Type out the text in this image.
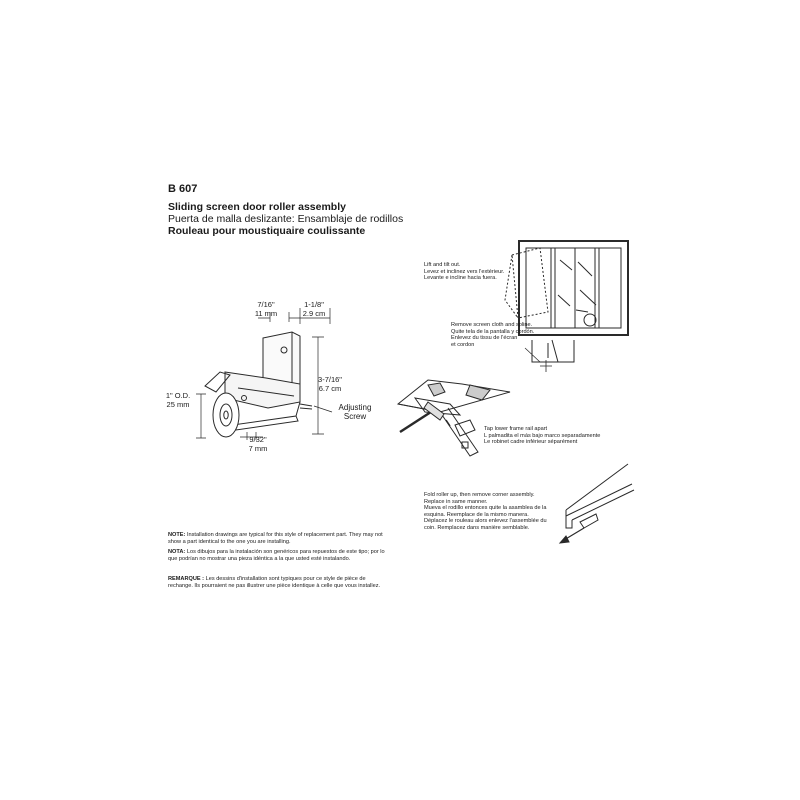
B 607
Sliding screen door roller assembly
Puerta de malla deslizante: Ensamblaje de rodillos
Rouleau pour moustiquaire coulissante
7/16"
11 mm
1-1/8"
2.9 cm
3-7/16"
6.7 cm
1" O.D.
25 mm
9/32"
7 mm
Adjusting
Screw
NOTE: Installation drawings are typical for this style of replacement part. They may not show a part identical to the one you are installing.
NOTA: Los dibujos para la instalación son genéricos para repuestos de este tipo; por lo que podrían no mostrar una pieza idéntica a la que usted esté instalando.
REMARQUE : Les dessins d'installation sont typiques pour ce style de pièce de rechange. Ils pourraient ne pas illustrer une pièce identique à celle que vous installez.
Lift and tilt out.
Levez et inclinez vers l'extérieur.
Levante e incline hacia fuera.
Remove screen cloth and spline.
Quite tela de la pantalla y cordón.
Enlevez du tissu de l'écran
et cordon
Tap lower frame rail apart
L palmadita el más bajo marco separadamente
Le robinet cadre inférieur séparément
Fold roller up, then remove corner assembly.
Replace in same manner.
Mueva el rodillo entonces quite la asamblea de la
esquina. Reemplace de la mismo manera.
Déplacez le rouleau alors enlevez l'assemblée du
coin. Remplacez dans manière semblable.
